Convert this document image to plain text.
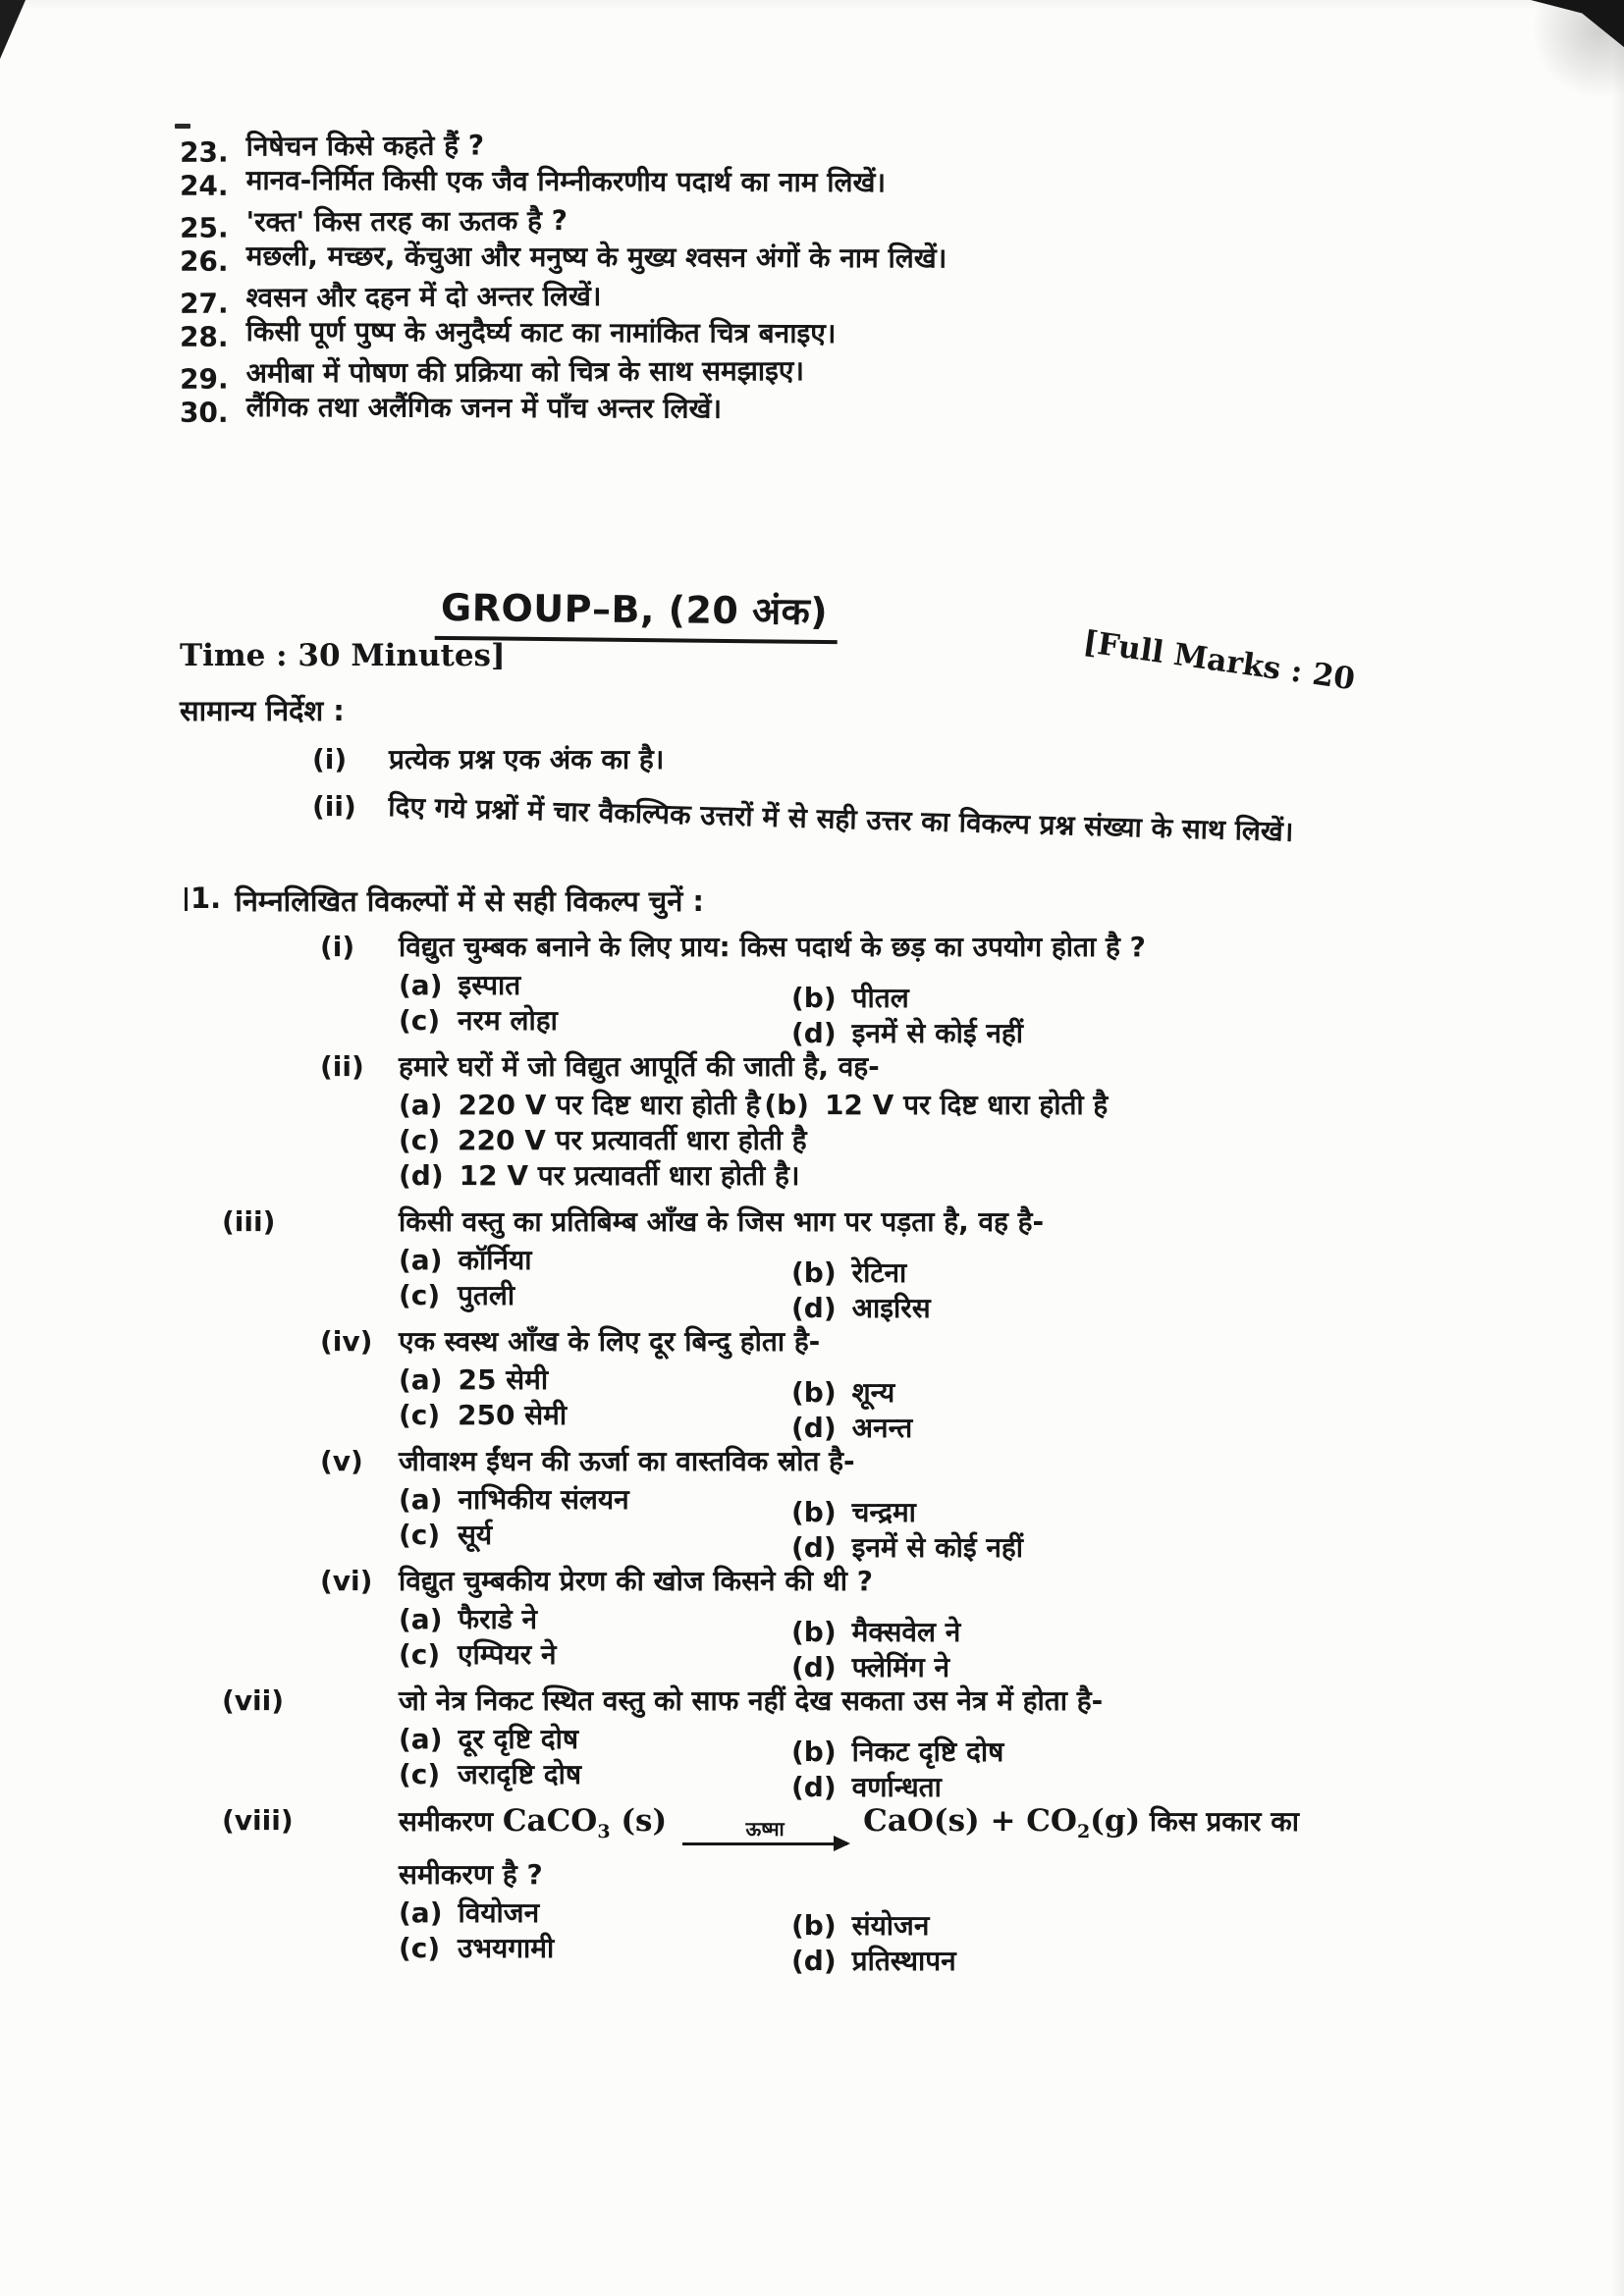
23. निषेचन किसे कहते हैं ?
24. मानव-निर्मित किसी एक जैव निम्नीकरणीय पदार्थ का नाम लिखें।
25. 'रक्त' किस तरह का ऊतक है ?
26. मछली, मच्छर, केंचुआ और मनुष्य के मुख्य श्वसन अंगों के नाम लिखें।
27. श्वसन और दहन में दो अन्तर लिखें।
28. किसी पूर्ण पुष्प के अनुदैर्घ्य काट का नामांकित चित्र बनाइए।
29. अमीबा में पोषण की प्रक्रिया को चित्र के साथ समझाइए।
30. लैंगिक तथा अलैंगिक जनन में पाँच अन्तर लिखें।
GROUP–B, (20 अंक)
Time : 30 Minutes]	[Full Marks : 20
सामान्य निर्देश :
(i)	प्रत्येक प्रश्न एक अंक का है।
(ii) दिए गये प्रश्नों में चार वैकल्पिक उत्तरों में से सही उत्तर का विकल्प प्रश्न संख्या के साथ लिखें।
1. निम्नलिखित विकल्पों में से सही विकल्प चुनें :
(i)	विद्युत चुम्बक बनाने के लिए प्राय: किस पदार्थ के छड़ का उपयोग होता है ?
(a) इस्पात	(b) पीतल
(c) नरम लोहा	(d) इनमें से कोई नहीं
(ii)	हमारे घरों में जो विद्युत आपूर्ति की जाती है, वह-
(a) 220 V पर दिष्ट धारा होती है (b) 12 V पर दिष्ट धारा होती है
(c) 220 V पर प्रत्यावर्ती धारा होती है
(d) 12 V पर प्रत्यावर्ती धारा होती है।
(iii)	किसी वस्तु का प्रतिबिम्ब आँख के जिस भाग पर पड़ता है, वह है-
(a) कॉर्निया	(b) रेटिना
(c) पुतली	(d) आइरिस
(iv) एक स्वस्थ आँख के लिए दूर बिन्दु होता है-
(a) 25 सेमी	(b) शून्य
(c) 250 सेमी	(d) अनन्त
(v)	जीवाश्म ईंधन की ऊर्जा का वास्तविक स्रोत है-
(a) नाभिकीय संलयन	(b) चन्द्रमा
(c) सूर्य	(d) इनमें से कोई नहीं
(vi) विद्युत चुम्बकीय प्रेरण की खोज किसने की थी ?
(a) फैराडे ने	(b) मैक्सवेल ने
(c) एम्पियर ने	(d) फ्लेमिंग ने
(vii)	जो नेत्र निकट स्थित वस्तु को साफ नहीं देख सकता उस नेत्र में होता है-
(a) दूर दृष्टि दोष	(b) निकट दृष्टि दोष
(c) जरादृष्टि दोष	(d) वर्णान्धता
(viii)	समीकरण CaCO$_3$ (s)	ऊष्मा	$CaO(s) + CO_2(g)$ किस प्रकार का
समीकरण है ?
(a) वियोजन	(b) संयोजन
(c) उभयगामी	(d) प्रतिस्थापन
